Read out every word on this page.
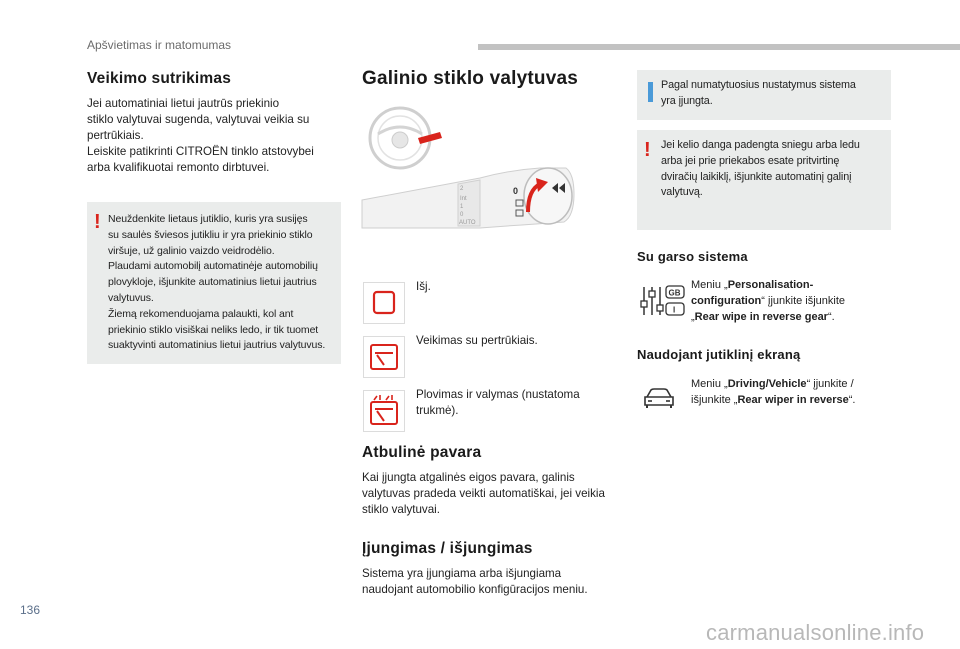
Apšvietimas ir matomumas
Veikimo sutrikimas
Jei automatiniai lietui jautrūs priekinio
stiklo valytuvai sugenda, valytuvai veikia su
pertrūkiais.
Leiskite patikrinti CITROËN tinklo atstovybei
arba kvalifikuotai remonto dirbtuvei.
! Neuždenkite lietaus jutiklio, kuris yra susijęs
su saulės šviesos jutikliu ir yra priekinio stiklo
viršuje, už galinio vaizdo veidrodėlio.
Plaudami automobilį automatinėje automobilių
plovykloje, išjunkite automatinius lietui jautrius
valytuvus.
Žiemą rekomenduojama palaukti, kol ant
priekinio stiklo visiškai neliks ledo, ir tik tuomet
suaktyvinti automatinius lietui jautrius valytuvus.
Galinio stiklo valytuvas
2
Int
1
0
AUTO
0
Išj.
Veikimas su pertrūkiais.
Plovimas ir valymas (nustatoma
trukmė).
Atbulinė pavara
Kai įjungta atgalinės eigos pavara, galinis
valytuvas pradeda veikti automatiškai, jei veikia
stiklo valytuvai.
Įjungimas / išjungimas
Sistema yra įjungiama arba išjungiama
naudojant automobilio konfigūracijos meniu.
Pagal numatytuosius nustatymus sistema
yra įjungta.
! Jei kelio danga padengta sniegu arba ledu
arba jei prie priekabos esate pritvirtinę
dviračių laikiklį, išjunkite automatinį galinį
valytuvą.
Su garso sistema
GB
I
Meniu „Personalisation-
configuration“ įjunkite išjunkite
„Rear wipe in reverse gear“.
Naudojant jutiklinį ekraną
Meniu „Driving/Vehicle“ įjunkite /
išjunkite „Rear wiper in reverse“.
136
carmanualsonline.info
